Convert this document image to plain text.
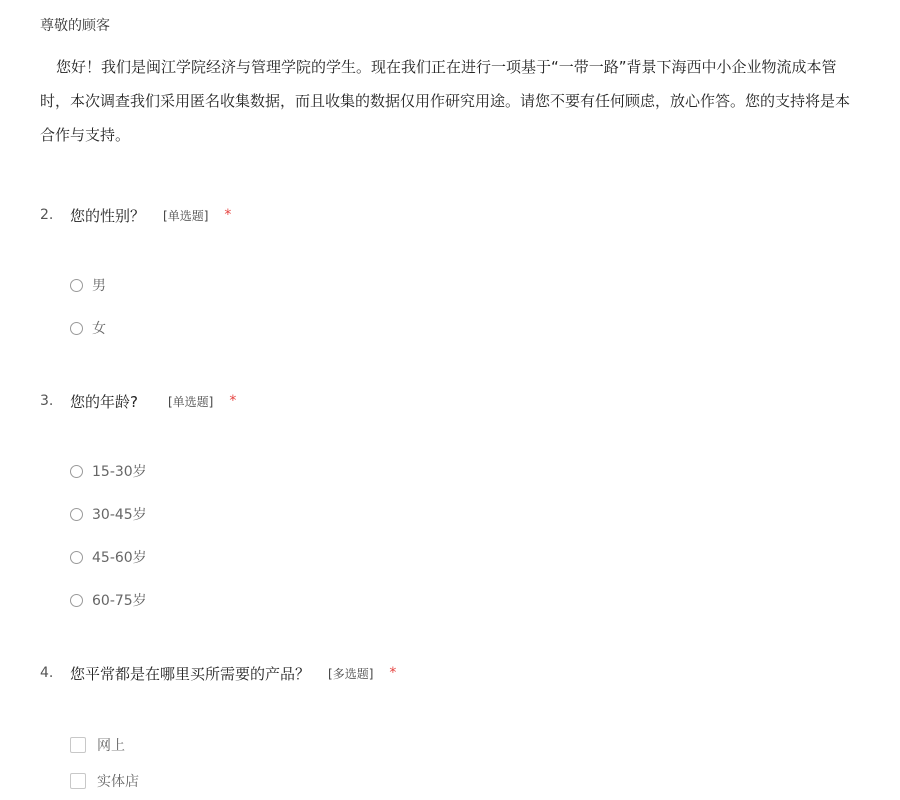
尊敬的顾客
您好！我们是闽江学院经济与管理学院的学生。现在我们正在进行一项基于“一带一路”背景下海西中小企业物流成本管
时，本次调查我们采用匿名收集数据，而且收集的数据仅用作研究用途。请您不要有任何顾虑，放心作答。您的支持将是本
合作与支持。
2.	您的性别？ [单选题] *
男
女
3.	您的年龄?	[单选题] *
15-30岁
30-45岁
45-60岁
60-75岁
4.	您平常都是在哪里买所需要的产品？ [多选题] *
网上
实体店
